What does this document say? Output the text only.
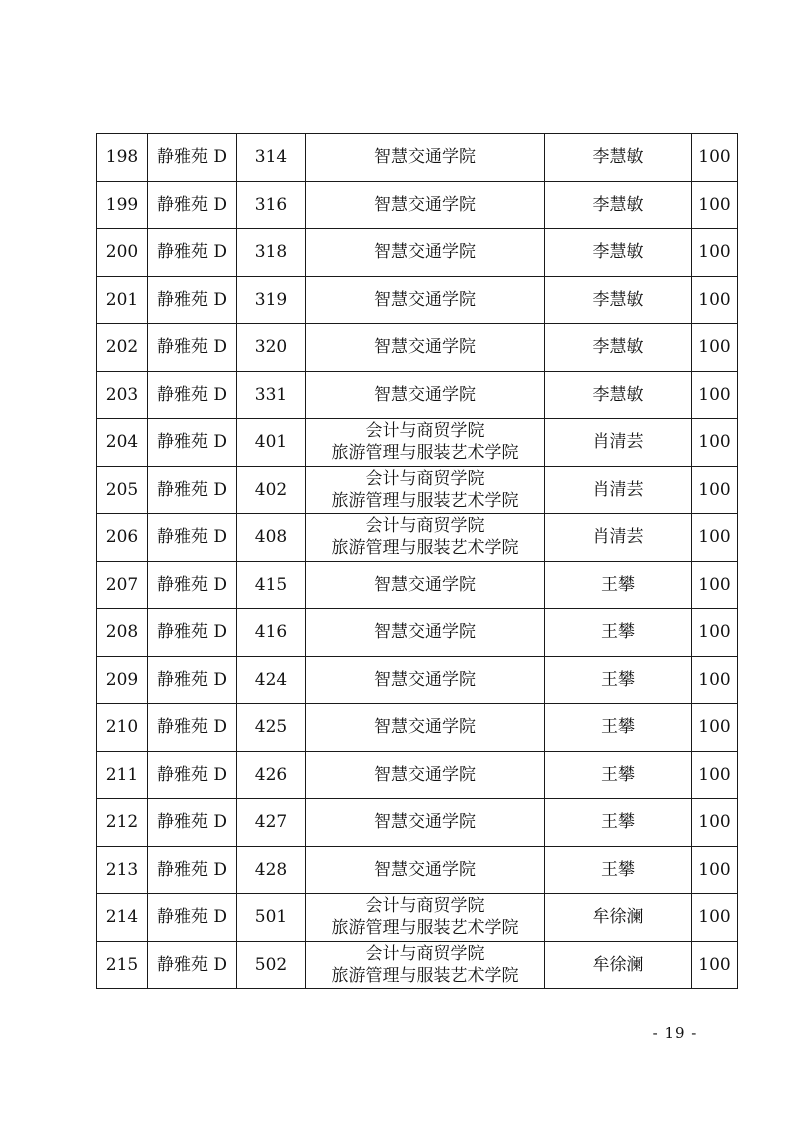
198	静雅苑 D	314	智慧交通学院	李慧敏	100
199	静雅苑 D	316	智慧交通学院	李慧敏	100
200	静雅苑 D	318	智慧交通学院	李慧敏	100
201	静雅苑 D	319	智慧交通学院	李慧敏	100
202	静雅苑 D	320	智慧交通学院	李慧敏	100
203	静雅苑 D	331	智慧交通学院	李慧敏	100
204	静雅苑 D	401	会计与商贸学院
旅游管理与服装艺术学院	肖清芸	100
205	静雅苑 D	402	会计与商贸学院
旅游管理与服装艺术学院	肖清芸	100
206	静雅苑 D	408	会计与商贸学院
旅游管理与服装艺术学院	肖清芸	100
207	静雅苑 D	415	智慧交通学院	王攀	100
208	静雅苑 D	416	智慧交通学院	王攀	100
209	静雅苑 D	424	智慧交通学院	王攀	100
210	静雅苑 D	425	智慧交通学院	王攀	100
211	静雅苑 D	426	智慧交通学院	王攀	100
212	静雅苑 D	427	智慧交通学院	王攀	100
213	静雅苑 D	428	智慧交通学院	王攀	100
214	静雅苑 D	501	会计与商贸学院
旅游管理与服装艺术学院	牟徐澜	100
215	静雅苑 D	502	会计与商贸学院
旅游管理与服装艺术学院	牟徐澜	100
- 19 -
